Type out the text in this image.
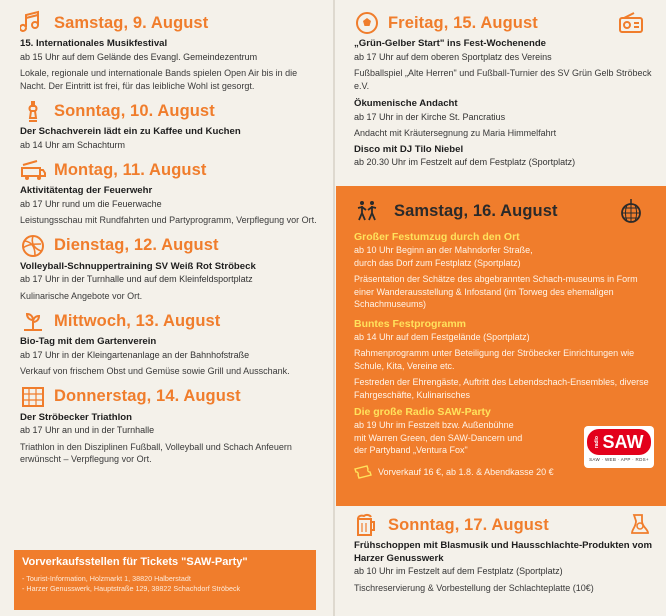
Samstag, 9. August
15. Internationales Musikfestival
ab 15 Uhr auf dem Gelände des Evangl. Gemeindezentrum
Lokale, regionale und internationale Bands spielen Open Air bis in die Nacht. Der Eintritt ist frei, für das leibliche Wohl ist gesorgt.
Sonntag, 10. August
Der Schachverein lädt ein zu Kaffee und Kuchen
ab 14 Uhr am Schachturm
Montag, 11. August
Aktivitätentag der Feuerwehr
ab 17 Uhr rund um die Feuerwache
Leistungsschau mit Rundfahrten und Partyprogramm, Verpflegung vor Ort.
Dienstag, 12. August
Volleyball-Schnuppertraining SV Weiß Rot Ströbeck
ab 17 Uhr in der Turnhalle und auf dem Kleinfeldsportplatz
Kulinarische Angebote vor Ort.
Mittwoch, 13. August
Bio-Tag mit dem Gartenverein
ab 17 Uhr in der Kleingartenanlage an der Bahnhofstraße
Verkauf von frischem Obst und Gemüse sowie Grill und Ausschank.
Donnerstag, 14. August
Der Ströbecker Triathlon
ab 17 Uhr an und in der Turnhalle
Triathlon in den Disziplinen Fußball, Volleyball und Schach Anfeuern erwünscht – Verpflegung vor Ort.
Vorverkaufsstellen für Tickets "SAW-Party"
- Tourist-Information, Holzmarkt 1, 38820 Halberstadt
- Harzer Genusswerk, Hauptstraße 129, 38822 Schachdorf Ströbeck
Freitag, 15. August
„Grün-Gelber Start" ins Fest-Wochenende
ab 17 Uhr auf dem oberen Sportplatz des Vereins
Fußballspiel „Alte Herren" und Fußball-Turnier des SV Grün Gelb Ströbeck e.V.
Ökumenische Andacht
ab 17 Uhr in der Kirche St. Pancratius
Andacht mit Kräutersegnung zu Maria Himmelfahrt
Disco mit DJ Tilo Niebel
ab 20.30 Uhr im Festzelt auf dem Festplatz (Sportplatz)
Samstag, 16. August
Großer Festumzug durch den Ort
ab 10 Uhr Beginn an der Mahndorfer Straße,
durch das Dorf zum Festplatz (Sportplatz)
Präsentation der Schätze des abgebrannten Schach-museums in Form einer Wanderausstellung & Infostand (im Torweg des ehemaligen Schachmuseums)
Buntes Festprogramm
ab 14 Uhr auf dem Festgelände (Sportplatz)
Rahmenprogramm unter Beteiligung der Ströbecker Einrichtungen wie Schule, Kita, Vereine etc.
Festreden der Ehrengäste, Auftritt des Lebendschach-Ensembles, diverse Fahrgeschäfte, Kulinarisches
Die große Radio SAW-Party
ab 19 Uhr im Festzelt bzw. Außenbühne
mit Warren Green, den SAW-Dancern und
der Partyband „Ventura Fox"
Vorverkauf 16 €, ab 1.8. & Abendkasse 20 €
radio SAW
SAW · WEB · APP · RDS+
Sonntag, 17. August
Frühschoppen mit Blasmusik und Hausschlachte-Produkten vom Harzer Genusswerk
ab 10 Uhr im Festzelt auf dem Festplatz (Sportplatz)
Tischreservierung & Vorbestellung der Schlachteplatte (10€)
